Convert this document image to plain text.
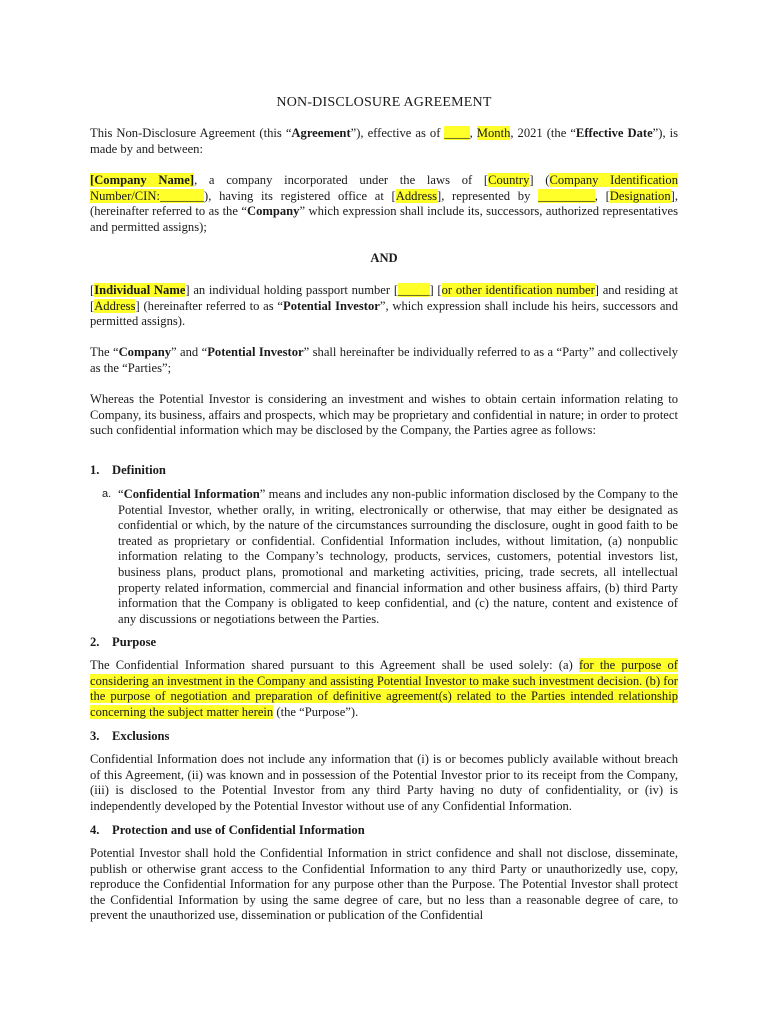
NON-DISCLOSURE AGREEMENT
This Non-Disclosure Agreement (this “Agreement”), effective as of ____, Month, 2021 (the “Effective Date”), is made by and between:
[Company Name], a company incorporated under the laws of [Country] (Company Identification Number/CIN:_______), having its registered office at [Address], represented by _________, [Designation], (hereinafter referred to as the “Company” which expression shall include its, successors, authorized representatives and permitted assigns);
AND
[Individual Name] an individual holding passport number [_____] [or other identification number] and residing at [Address] (hereinafter referred to as “Potential Investor”, which expression shall include his heirs, successors and permitted assigns).
The “Company” and “Potential Investor” shall hereinafter be individually referred to as a “Party” and collectively as the “Parties”;
Whereas the Potential Investor is considering an investment and wishes to obtain certain information relating to Company, its business, affairs and prospects, which may be proprietary and confidential in nature; in order to protect such confidential information which may be disclosed by the Company, the Parties agree as follows:
1. Definition
a. “Confidential Information” means and includes any non-public information disclosed by the Company to the Potential Investor, whether orally, in writing, electronically or otherwise, that may either be designated as confidential or which, by the nature of the circumstances surrounding the disclosure, ought in good faith to be treated as proprietary or confidential. Confidential Information includes, without limitation, (a) nonpublic information relating to the Company’s technology, products, services, customers, potential investors list, business plans, product plans, promotional and marketing activities, pricing, trade secrets, all intellectual property related information, commercial and financial information and other business affairs, (b) third Party information that the Company is obligated to keep confidential, and (c) the nature, content and existence of any discussions or negotiations between the Parties.
2. Purpose
The Confidential Information shared pursuant to this Agreement shall be used solely: (a) for the purpose of considering an investment in the Company and assisting Potential Investor to make such investment decision. (b) for the purpose of negotiation and preparation of definitive agreement(s) related to the Parties intended relationship concerning the subject matter herein (the “Purpose”).
3. Exclusions
Confidential Information does not include any information that (i) is or becomes publicly available without breach of this Agreement, (ii) was known and in possession of the Potential Investor prior to its receipt from the Company, (iii) is disclosed to the Potential Investor from any third Party having no duty of confidentiality, or (iv) is independently developed by the Potential Investor without use of any Confidential Information.
4. Protection and use of Confidential Information
Potential Investor shall hold the Confidential Information in strict confidence and shall not disclose, disseminate, publish or otherwise grant access to the Confidential Information to any third Party or unauthorizedly use, copy, reproduce the Confidential Information for any purpose other than the Purpose. The Potential Investor shall protect the Confidential Information by using the same degree of care, but no less than a reasonable degree of care, to prevent the unauthorized use, dissemination or publication of the Confidential
